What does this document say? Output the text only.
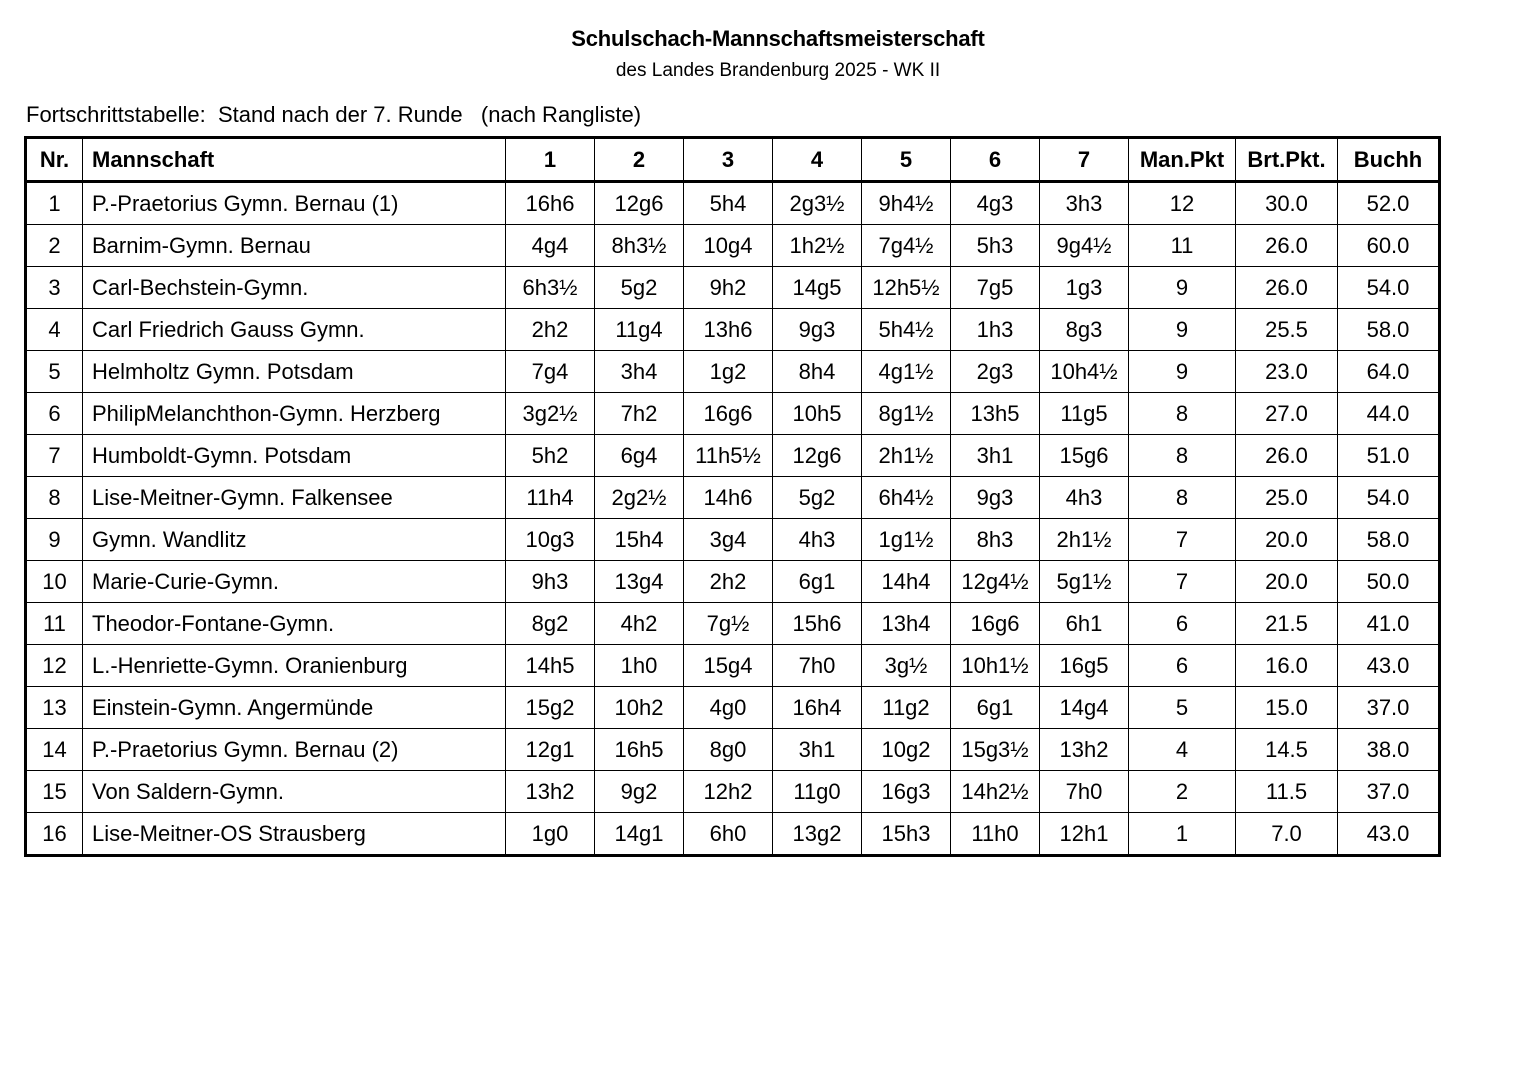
Schulschach-Mannschaftsmeisterschaft
des Landes Brandenburg 2025 - WK II
Fortschrittstabelle:  Stand nach der 7. Runde   (nach Rangliste)
Nr.	Mannschaft	1	2	3	4	5	6	7	Man.Pkt	Brt.Pkt.	Buchh
1	P.-Praetorius Gymn. Bernau (1)	16h6	12g6	5h4	2g3½	9h4½	4g3	3h3	12	30.0	52.0
2	Barnim-Gymn. Bernau	4g4	8h3½	10g4	1h2½	7g4½	5h3	9g4½	11	26.0	60.0
3	Carl-Bechstein-Gymn.	6h3½	5g2	9h2	14g5	12h5½	7g5	1g3	9	26.0	54.0
4	Carl Friedrich Gauss Gymn.	2h2	11g4	13h6	9g3	5h4½	1h3	8g3	9	25.5	58.0
5	Helmholtz Gymn. Potsdam	7g4	3h4	1g2	8h4	4g1½	2g3	10h4½	9	23.0	64.0
6	PhilipMelanchthon-Gymn. Herzberg	3g2½	7h2	16g6	10h5	8g1½	13h5	11g5	8	27.0	44.0
7	Humboldt-Gymn. Potsdam	5h2	6g4	11h5½	12g6	2h1½	3h1	15g6	8	26.0	51.0
8	Lise-Meitner-Gymn. Falkensee	11h4	2g2½	14h6	5g2	6h4½	9g3	4h3	8	25.0	54.0
9	Gymn. Wandlitz	10g3	15h4	3g4	4h3	1g1½	8h3	2h1½	7	20.0	58.0
10	Marie-Curie-Gymn.	9h3	13g4	2h2	6g1	14h4	12g4½	5g1½	7	20.0	50.0
11	Theodor-Fontane-Gymn.	8g2	4h2	7g½	15h6	13h4	16g6	6h1	6	21.5	41.0
12	L.-Henriette-Gymn. Oranienburg	14h5	1h0	15g4	7h0	3g½	10h1½	16g5	6	16.0	43.0
13	Einstein-Gymn. Angermünde	15g2	10h2	4g0	16h4	11g2	6g1	14g4	5	15.0	37.0
14	P.-Praetorius Gymn. Bernau (2)	12g1	16h5	8g0	3h1	10g2	15g3½	13h2	4	14.5	38.0
15	Von Saldern-Gymn.	13h2	9g2	12h2	11g0	16g3	14h2½	7h0	2	11.5	37.0
16	Lise-Meitner-OS Strausberg	1g0	14g1	6h0	13g2	15h3	11h0	12h1	1	7.0	43.0
